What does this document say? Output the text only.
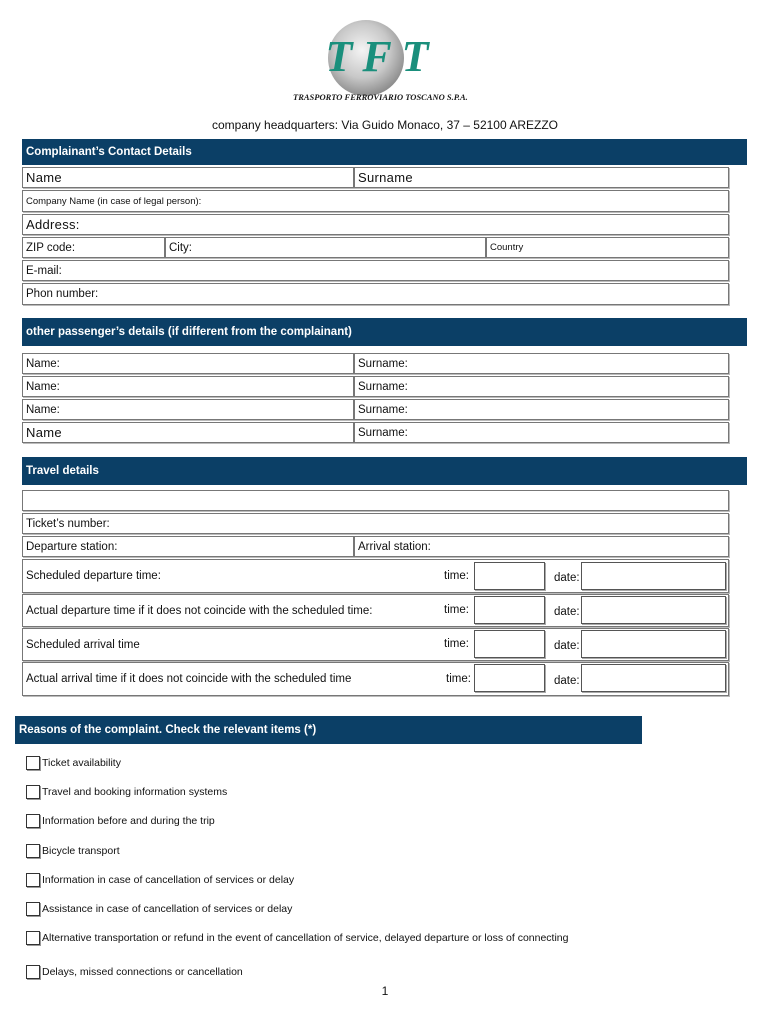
TFT
TRASPORTO FERROVIARIO TOSCANO S.P.A.
company headquarters: Via Guido Monaco, 37 – 52100 AREZZO
Complainant’s Contact Details
Name	Surname
Company Name (in case of legal person):
Address:
ZIP code:	City:	Country
E-mail:
Phon number:
other passenger’s details (if different from the complainant)
Name:	Surname:
Name:	Surname:
Name:	Surname:
Name	Surname:
Travel details
Ticket’s number:
Departure station:	Arrival station:
Scheduled departure time:	time:	date:
Actual departure time if it does not coincide with the scheduled time:	time:	date:
Scheduled arrival time	time:	date:
Actual arrival time if it does not coincide with the scheduled time	time:	date:
Reasons of the complaint. Check the relevant items (*)
Ticket availability
Travel and booking information systems
Information before and during the trip
Bicycle transport
Information in case of cancellation of services or delay
Assistance in case of cancellation of services or delay
Alternative transportation or refund in the event of cancellation of service, delayed departure or loss of connecting
Delays, missed connections or cancellation
1
